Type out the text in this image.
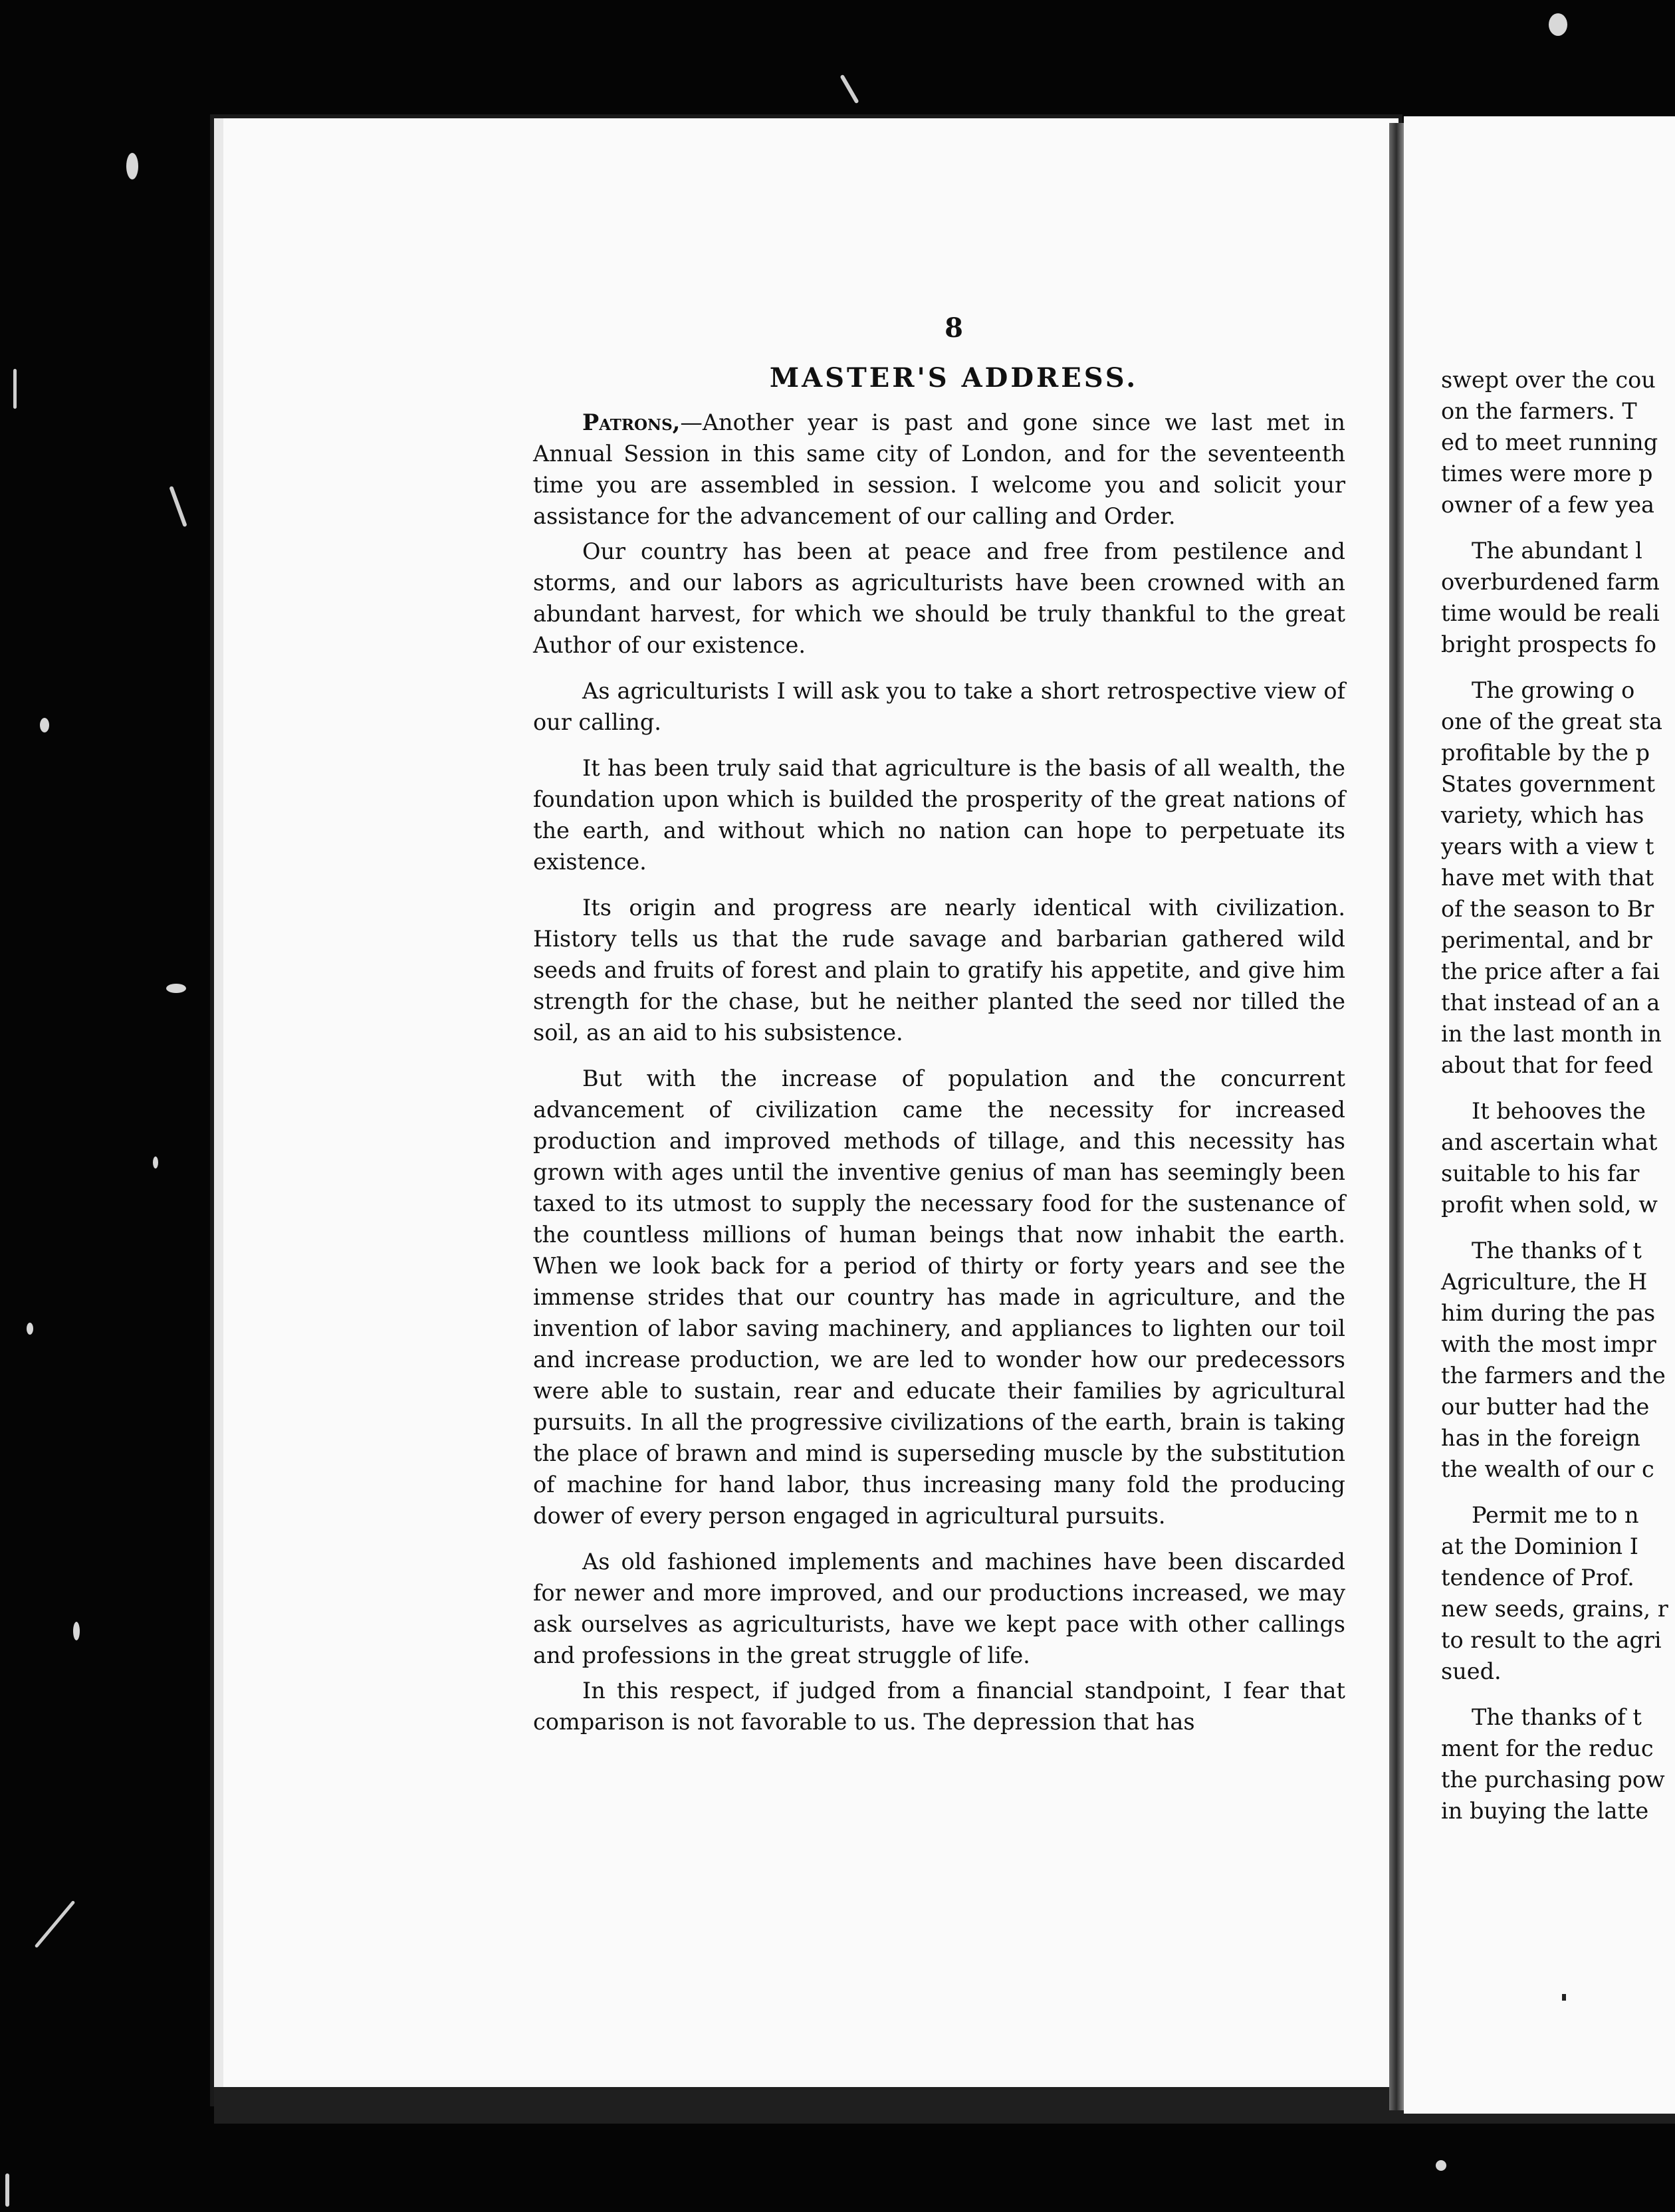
8
MASTER'S ADDRESS.

Patrons,—Another year is past and gone since we last met in Annual Session in this same city of London, and for the seventeenth time you are assembled in session. I welcome you and solicit your assistance for the advancement of our calling and Order.

Our country has been at peace and free from pestilence and storms, and our labors as agriculturists have been crowned with an abundant harvest, for which we should be truly thankful to the great Author of our existence.

As agriculturists I will ask you to take a short retrospective view of our calling.

It has been truly said that agriculture is the basis of all wealth, the foundation upon which is builded the prosperity of the great nations of the earth, and without which no nation can hope to perpetuate its existence.

Its origin and progress are nearly identical with civilization. History tells us that the rude savage and barbarian gathered wild seeds and fruits of forest and plain to gratify his appetite, and give him strength for the chase, but he neither planted the seed nor tilled the soil, as an aid to his subsistence.

But with the increase of population and the concurrent advancement of civilization came the necessity for increased production and improved methods of tillage, and this necessity has grown with ages until the inventive genius of man has seemingly been taxed to its utmost to supply the necessary food for the sustenance of the countless millions of human beings that now inhabit the earth. When we look back for a period of thirty or forty years and see the immense strides that our country has made in agriculture, and the invention of labor saving machinery, and appliances to lighten our toil and increase production, we are led to wonder how our predecessors were able to sustain, rear and educate their families by agricultural pursuits. In all the progressive civilizations of the earth, brain is taking the place of brawn and mind is superseding muscle by the substitution of machine for hand labor, thus increasing many fold the producing dower of every person engaged in agricultural pursuits.

As old fashioned implements and machines have been discarded for newer and more improved, and our productions increased, we may ask ourselves as agriculturists, have we kept pace with other callings and professions in the great struggle of life.

In this respect, if judged from a financial standpoint, I fear that comparison is not favorable to us. The depression that has

swept over the cou
on the farmers. T
ed to meet running
times were more p
owner of a few yea
The abundant l
overburdened farm
time would be reali
bright prospects fo
The growing o
one of the great sta
profitable by the p
States government
variety, which has
years with a view t
have met with that
of the season to Br
perimental, and br
the price after a fai
that instead of an a
in the last month in
about that for feed
It behooves the
and ascertain what
suitable to his far
profit when sold, w
The thanks of t
Agriculture, the H
him during the pas
with the most impr
the farmers and the
our butter had the
has in the foreign
the wealth of our c
Permit me to n
at the Dominion I
tendence of Prof.
new seeds, grains, r
to result to the agri
sued.
The thanks of t
ment for the reduc
the purchasing pow
in buying the latte
